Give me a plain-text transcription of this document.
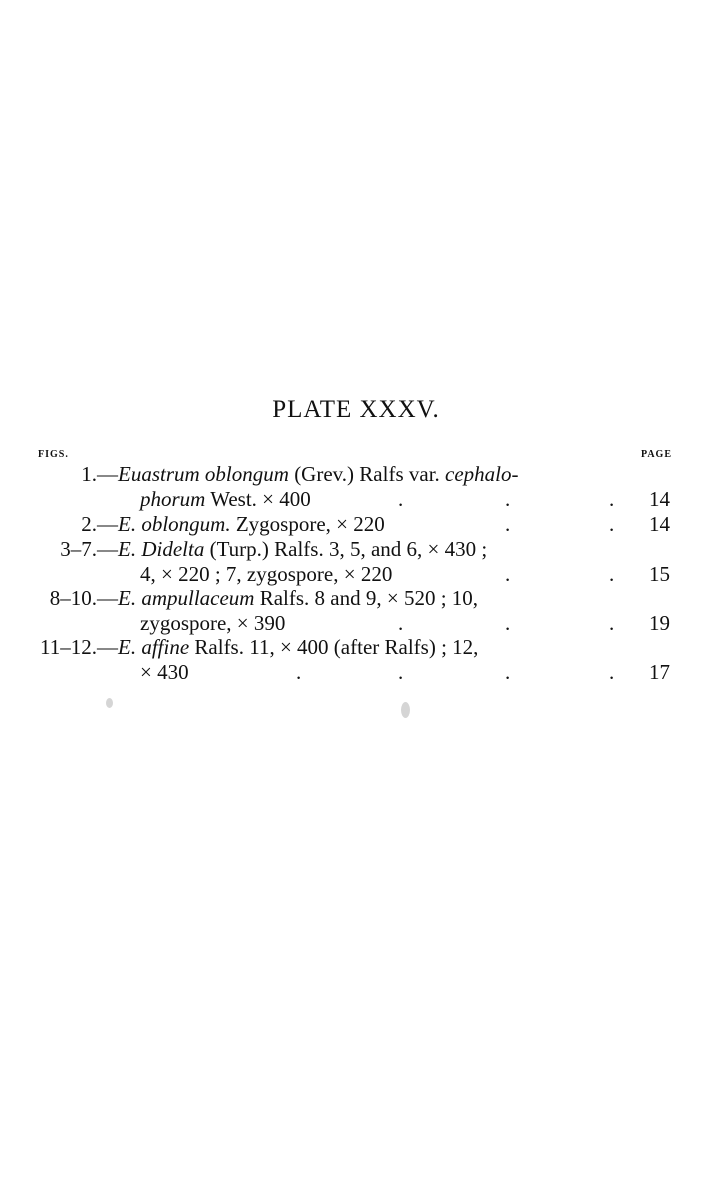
PLATE XXXV.
FIGS.	PAGE
1.— Euastrum oblongum (Grev.) Ralfs var. cephalo-
phorum West. × 400	.	.	. 14
2.— E. oblongum. Zygospore, × 220	.	. 14
3–7.— E. Didelta (Turp.) Ralfs. 3, 5, and 6, × 430 ;
4, × 220 ; 7, zygospore, × 220	.	. 15
8–10.— E. ampullaceum Ralfs. 8 and 9, × 520 ; 10,
zygospore, × 390	.	.	. 19
11–12.— E. affine Ralfs. 11, × 400 (after Ralfs) ; 12,
× 430	.	.	.	. 17
